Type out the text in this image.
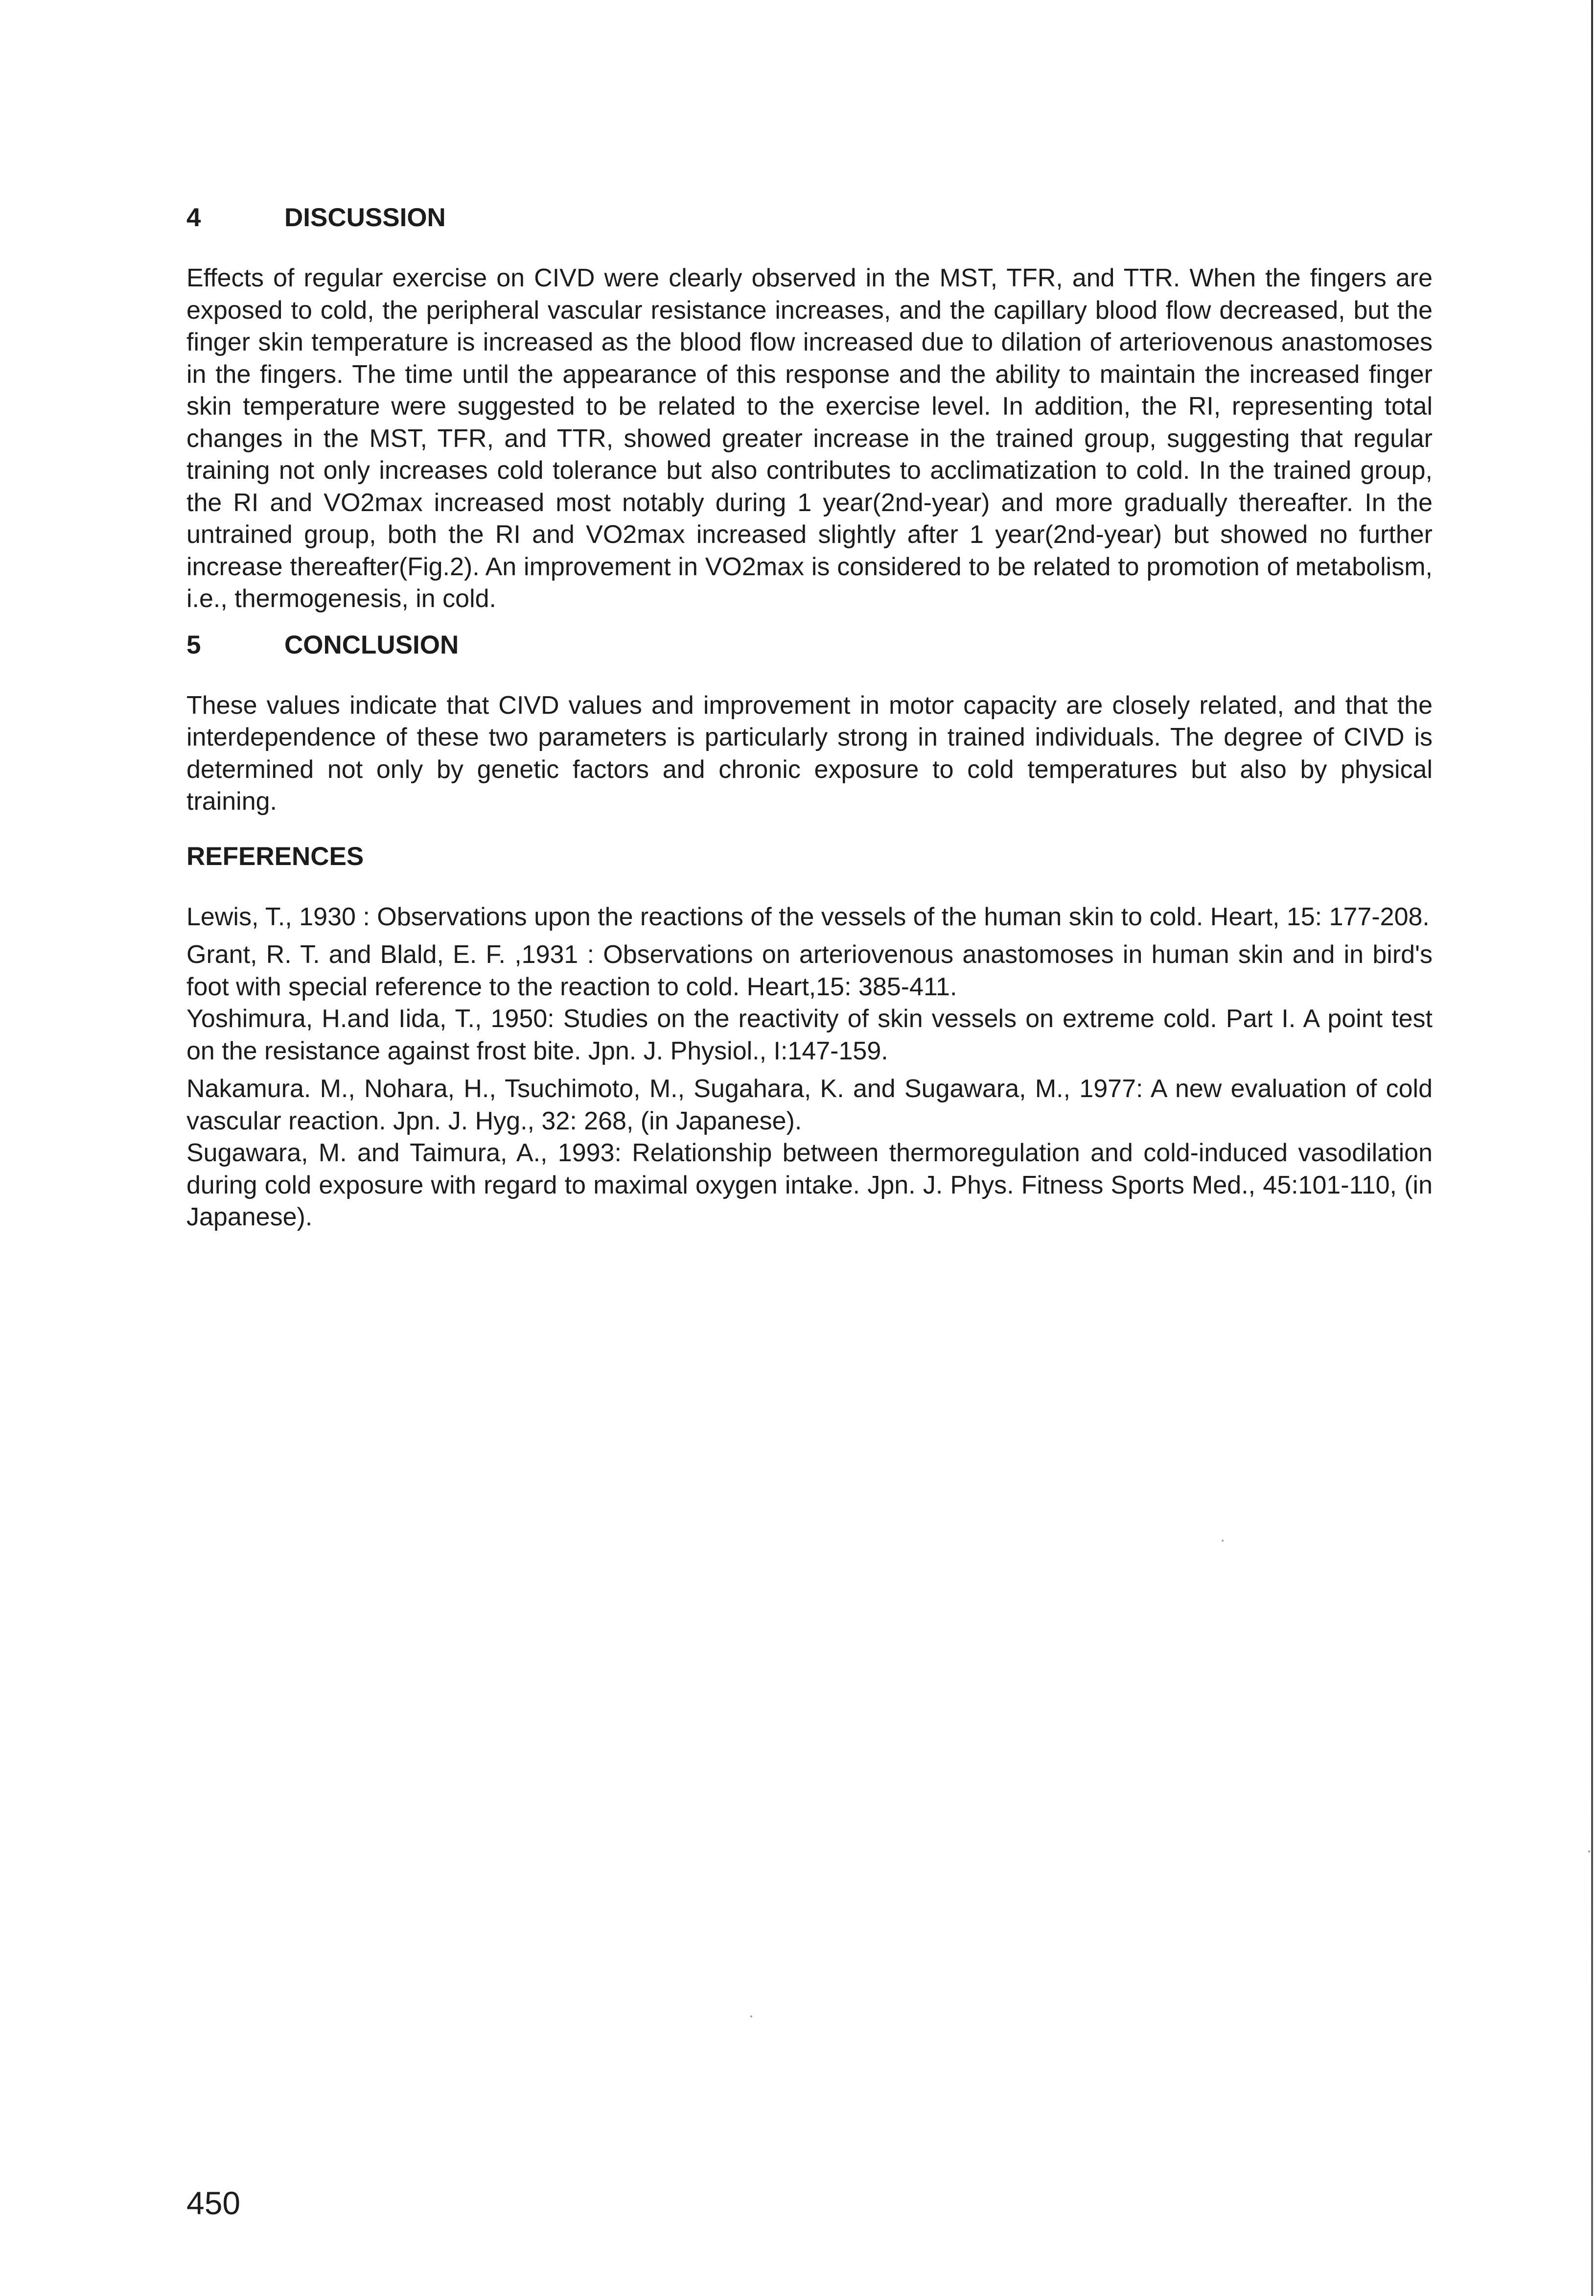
4	DISCUSSION

Effects of regular exercise on CIVD were clearly observed in the MST, TFR, and TTR. When the fingers are exposed to cold, the peripheral vascular resistance increases, and the capillary blood flow decreased, but the finger skin temperature is increased as the blood flow increased due to dilation of arteriovenous anastomoses in the fingers. The time until the appearance of this response and the ability to maintain the increased finger skin temperature were suggested to be related to the exercise level. In addition, the RI, representing total changes in the MST, TFR, and TTR, showed greater increase in the trained group, suggesting that regular training not only increases cold tolerance but also contributes to acclimatization to cold. In the trained group, the RI and VO2max increased most notably during 1 year(2nd-year) and more gradually thereafter. In the untrained group, both the RI and VO2max increased slightly after 1 year(2nd-year) but showed no further increase thereafter(Fig.2). An improvement in VO2max is considered to be related to promotion of metabolism, i.e., thermogenesis, in cold.

5	CONCLUSION

These values indicate that CIVD values and improvement in motor capacity are closely related, and that the interdependence of these two parameters is particularly strong in trained individuals. The degree of CIVD is determined not only by genetic factors and chronic exposure to cold temperatures but also by physical training.

REFERENCES

Lewis, T., 1930 : Observations upon the reactions of the vessels of the human skin to cold. Heart, 15: 177-208.

Grant, R. T. and Blald, E. F. ,1931 : Observations on arteriovenous anastomoses in human skin and in bird's foot with special reference to the reaction to cold. Heart,15: 385-411.

Yoshimura, H.and Iida, T., 1950: Studies on the reactivity of skin vessels on extreme cold. Part I. A point test on the resistance against frost bite. Jpn. J. Physiol., I:147-159.

Nakamura. M., Nohara, H., Tsuchimoto, M., Sugahara, K. and Sugawara, M., 1977: A new evaluation of cold vascular reaction. Jpn. J. Hyg., 32: 268, (in Japanese).

Sugawara, M. and Taimura, A., 1993: Relationship between thermoregulation and cold-induced vasodilation during cold exposure with regard to maximal oxygen intake. Jpn. J. Phys. Fitness Sports Med., 45:101-110, (in Japanese).

450
